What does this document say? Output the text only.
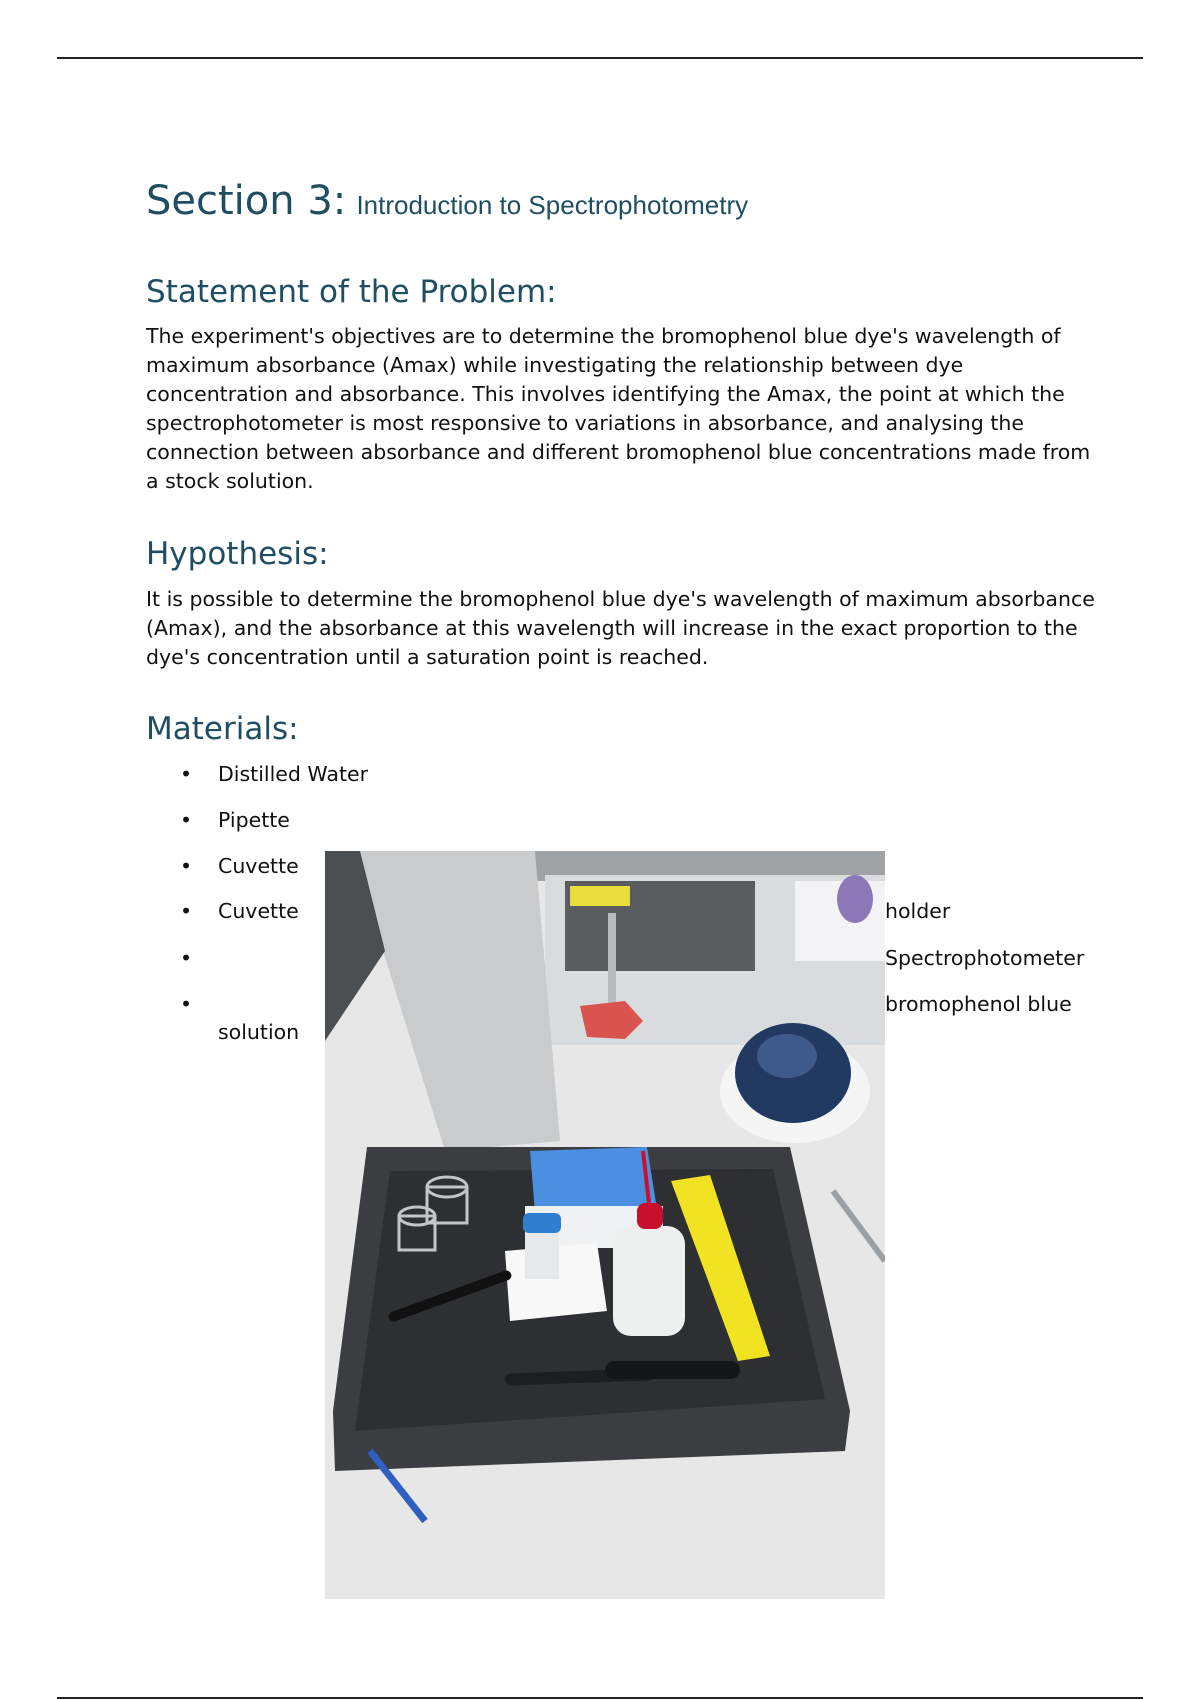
Section 3: Introduction to Spectrophotometry
Statement of the Problem:

The experiment's objectives are to determine the bromophenol blue dye's wavelength of maximum absorbance (Amax) while investigating the relationship between dye concentration and absorbance. This involves identifying the Amax, the point at which the spectrophotometer is most responsive to variations in absorbance, and analysing the connection between absorbance and different bromophenol blue concentrations made from a stock solution.

Hypothesis:

It is possible to determine the bromophenol blue dye's wavelength of maximum absorbance (Amax), and the absorbance at this wavelength will increase in the exact proportion to the dye's concentration until a saturation point is reached.

Materials:
• Distilled Water
• Pipette
• Cuvette
• Cuvette
•
•
holder
Spectrophotometer
bromophenol blue
solution
